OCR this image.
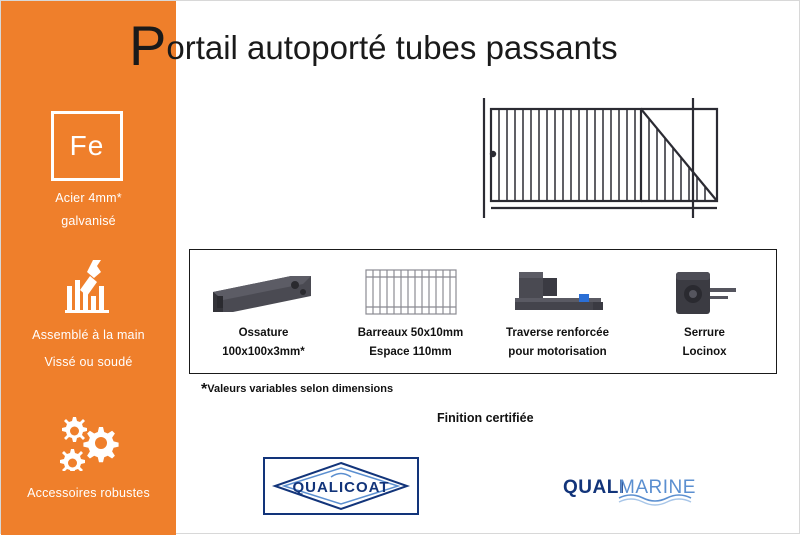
Fe
Acier 4mm*
galvanisé
Assemblé à la main
Vissé ou soudé
Accessoires robustes
Portail autoporté tubes passants
Ossature
100x100x3mm*
Barreaux 50x10mm
Espace 110mm
Traverse renforcée
pour motorisation
Serrure
Locinox
*Valeurs variables selon dimensions
Finition certifiée
QUALICOAT	QUALI
MARINE
